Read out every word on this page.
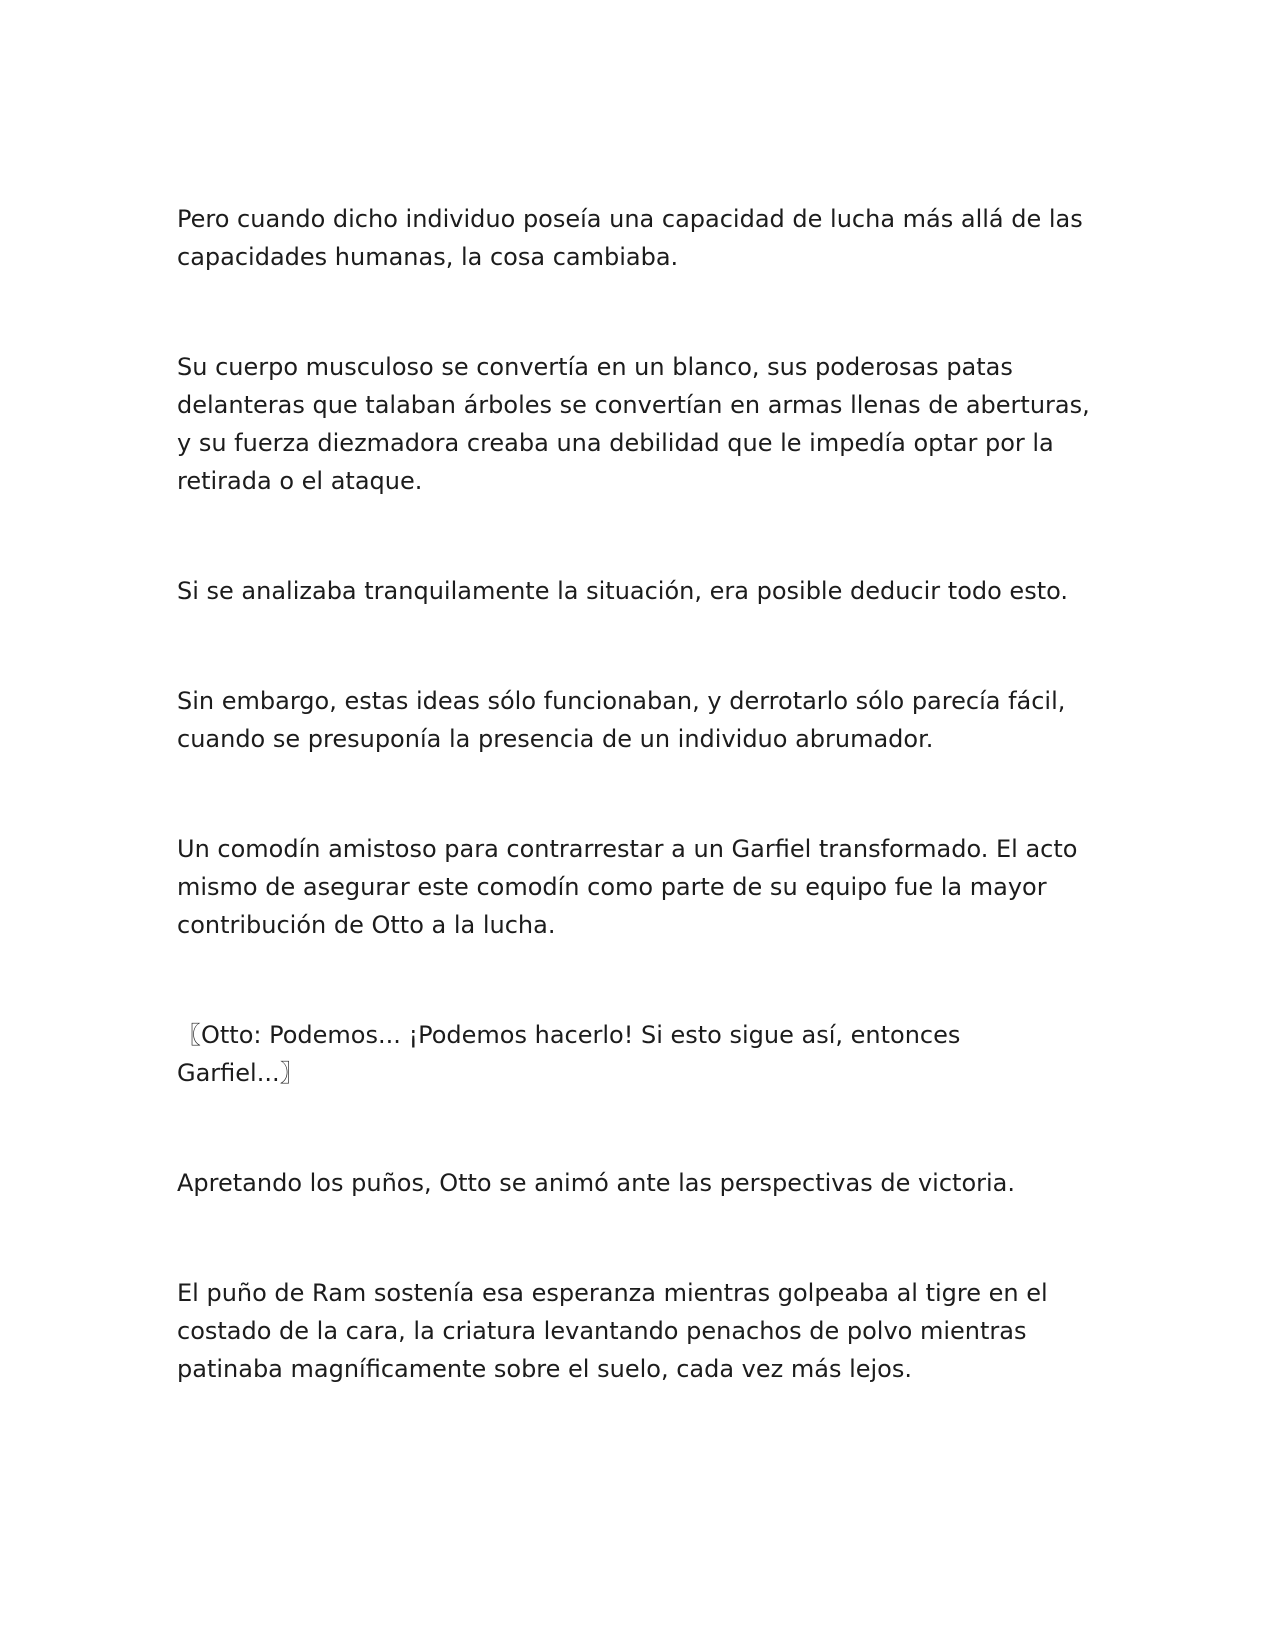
Pero cuando dicho individuo poseía una capacidad de lucha más allá de las capacidades humanas, la cosa cambiaba.

Su cuerpo musculoso se convertía en un blanco, sus poderosas patas delanteras que talaban árboles se convertían en armas llenas de aberturas, y su fuerza diezmadora creaba una debilidad que le impedía optar por la retirada o el ataque.

Si se analizaba tranquilamente la situación, era posible deducir todo esto.

Sin embargo, estas ideas sólo funcionaban, y derrotarlo sólo parecía fácil, cuando se presuponía la presencia de un individuo abrumador.

Un comodín amistoso para contrarrestar a un Garfiel transformado. El acto mismo de asegurar este comodín como parte de su equipo fue la mayor contribución de Otto a la lucha.

〖Otto: Podemos... ¡Podemos hacerlo! Si esto sigue así, entonces Garfiel...〗

Apretando los puños, Otto se animó ante las perspectivas de victoria.

El puño de Ram sostenía esa esperanza mientras golpeaba al tigre en el costado de la cara, la criatura levantando penachos de polvo mientras patinaba magníficamente sobre el suelo, cada vez más lejos.
